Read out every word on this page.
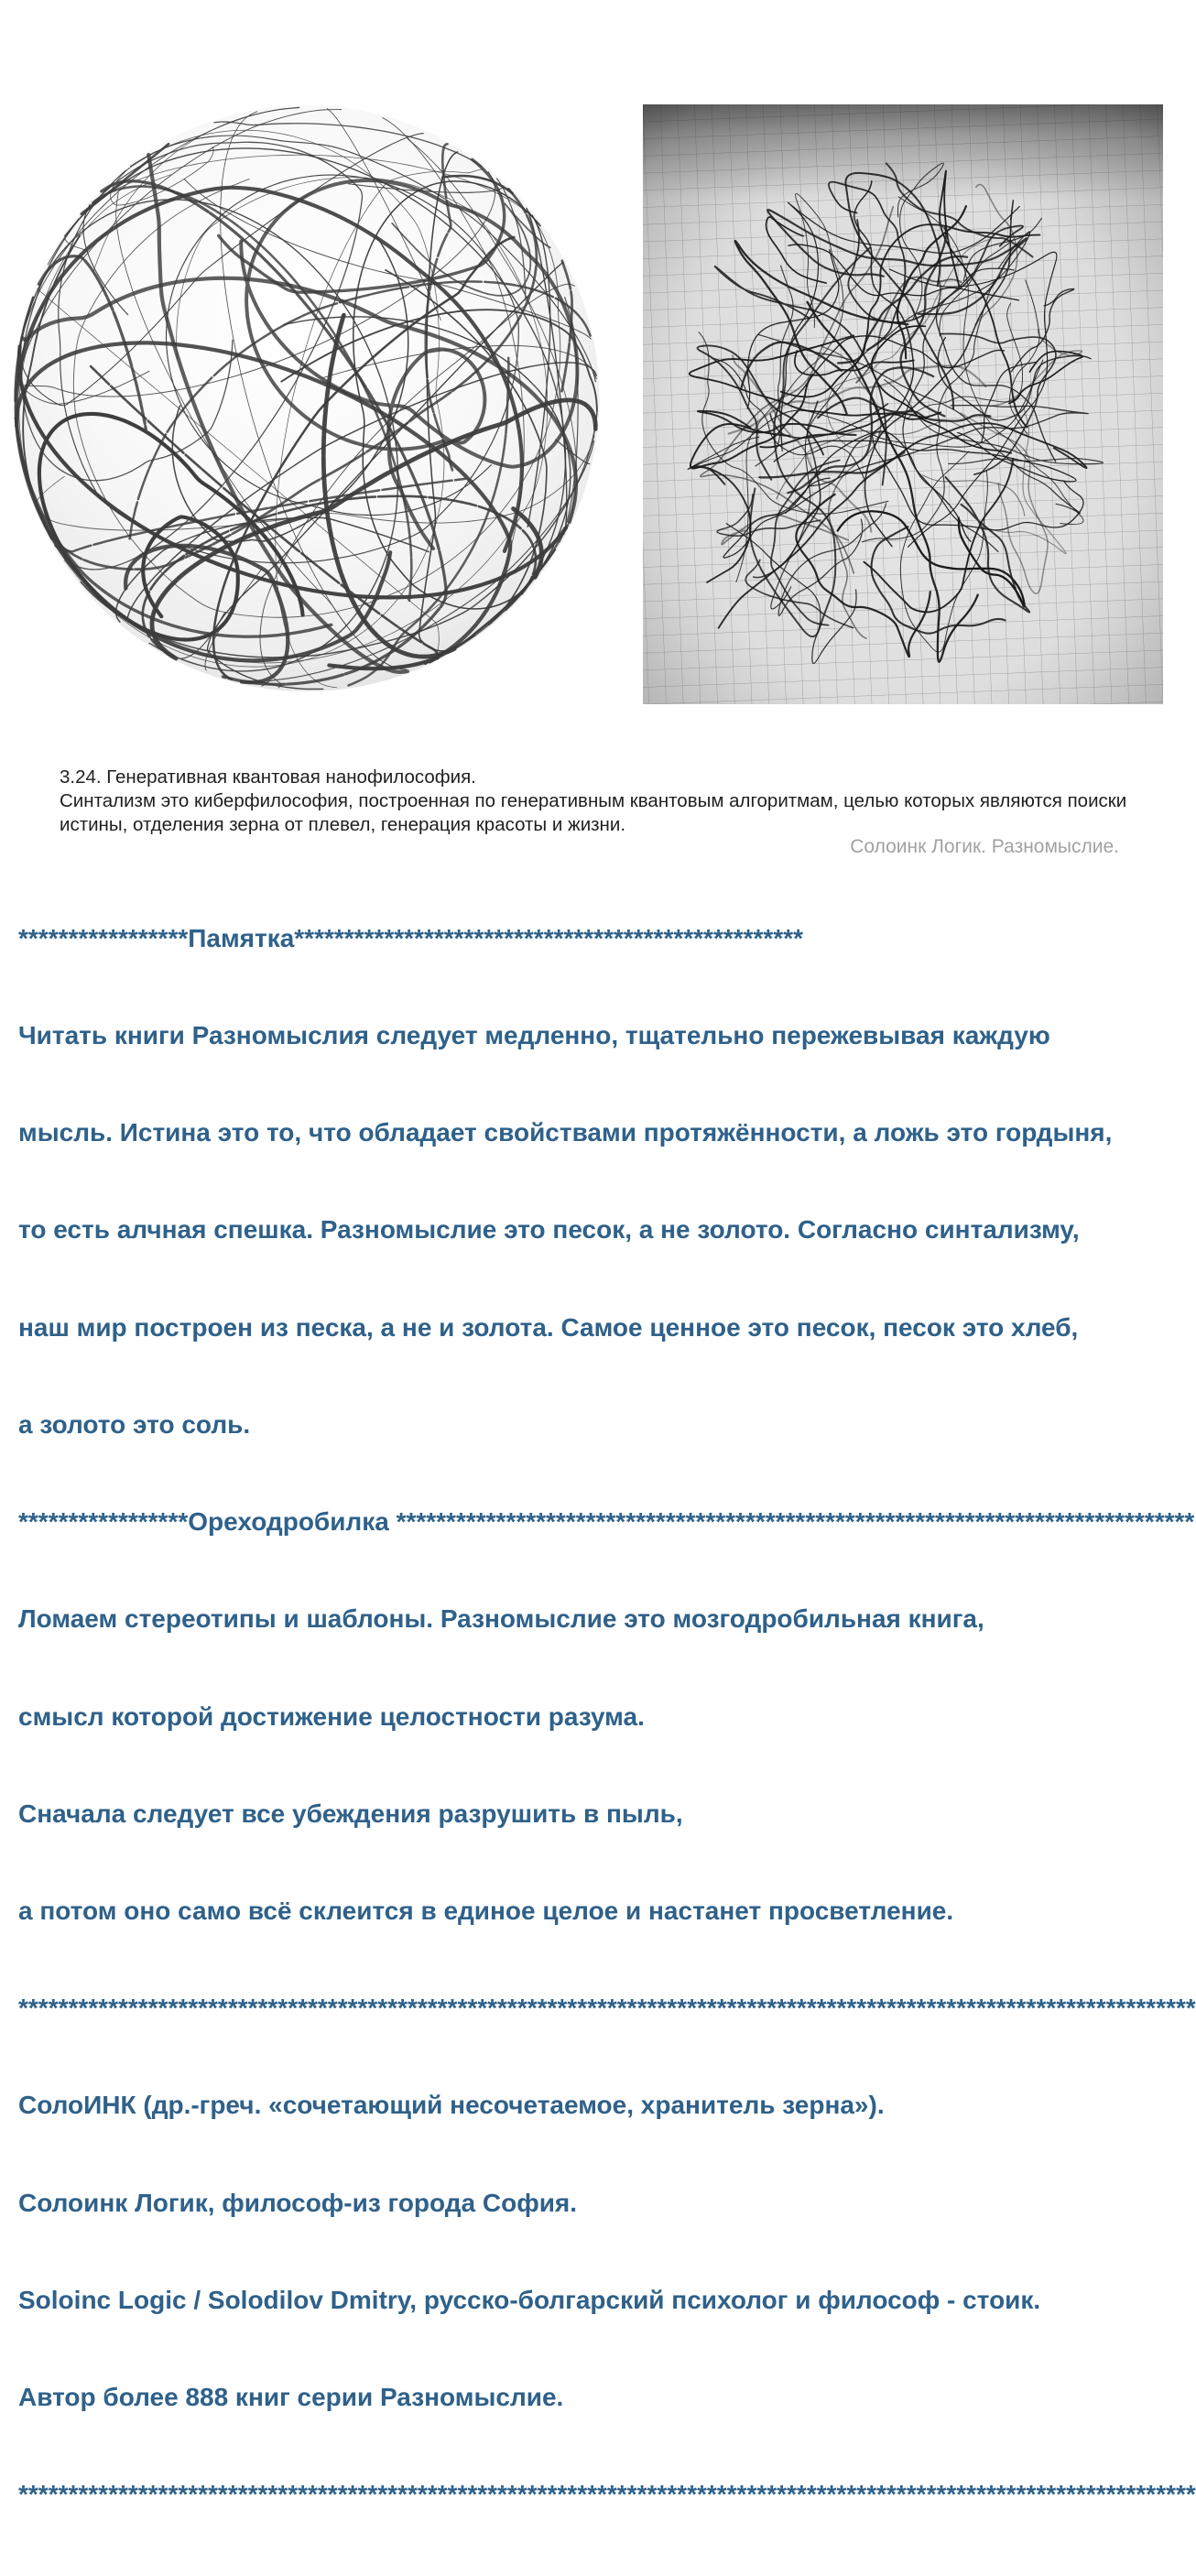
3.24. Генеративная квантовая нанофилософия.
Синтализм это киберфилософия, построенная по генеративным квантовым алгоритмам, целью которых являются поиски
истины, отделения зерна от плевел, генерация красоты и жизни.
Солоинк Логик. Разномыслие.

*****************Памятка***************************************************

Читать книги Разномыслия следует медленно, тщательно пережевывая каждую

мысль. Истина это то, что обладает свойствами протяжённости, а ложь это гордыня,

то есть алчная спешка. Разномыслие это песок, а не золото. Согласно синтализму,

наш мир построен из песка, а не и золота. Самое ценное это песок, песок это хлеб,

а золото это соль.

*****************Ореходробилка ********************************************************************************

Ломаем стереотипы и шаблоны. Разномыслие это мозгодробильная книга,

смысл которой достижение целостности разума.

Сначала следует все убеждения разрушить в пыль,

а потом оно само всё склеится в единое целое и настанет просветление.

**********************************************************************************************************************

СолоИНК (др.-греч. «сочетающий несочетаемое, хранитель зерна»).

Солоинк Логик, философ-из города София.

Soloinc Logic / Solodilov Dmitry, русско-болгарский психолог и философ - стоик.

Автор более 888 книг серии Разномыслие.

**********************************************************************************************************************
